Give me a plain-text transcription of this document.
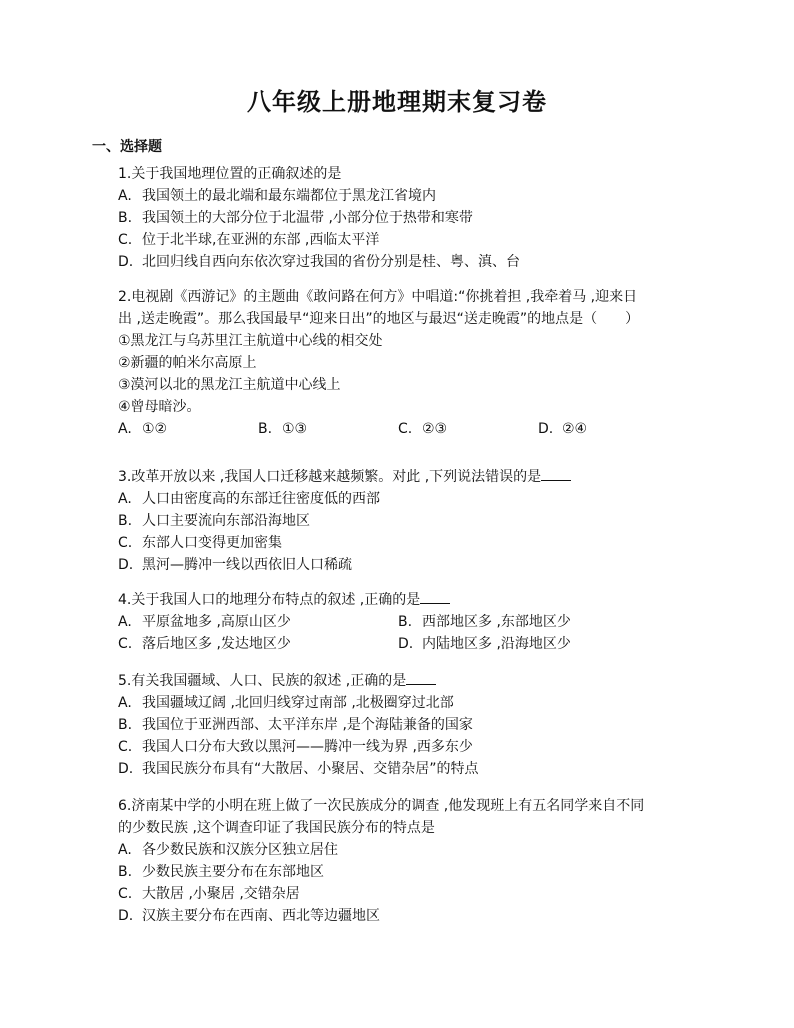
八年级上册地理期末复习卷
一、选择题
1.关于我国地理位置的正确叙述的是
A. 我国领土的最北端和最东端都位于黑龙江省境内
B. 我国领土的大部分位于北温带 ,小部分位于热带和寒带
C. 位于北半球,在亚洲的东部 ,西临太平洋
D. 北回归线自西向东依次穿过我国的省份分别是桂、粤、滇、台
2.电视剧《西游记》的主题曲《敢问路在何方》中唱道:“你挑着担 ,我牵着马 ,迎来日
出 ,送走晚霞”。那么我国最早“迎来日出”的地区与最迟“送走晚霞”的地点是（　　）
①黑龙江与乌苏里江主航道中心线的相交处
②新疆的帕米尔高原上
③漠河以北的黑龙江主航道中心线上
④曾母暗沙。
A. ①②	B. ①③	C. ②③	D. ②④
3.改革开放以来 ,我国人口迁移越来越频繁。对此 ,下列说法错误的是
A. 人口由密度高的东部迁往密度低的西部
B. 人口主要流向东部沿海地区
C. 东部人口变得更加密集
D. 黑河—腾冲一线以西依旧人口稀疏
4.关于我国人口的地理分布特点的叙述 ,正确的是
A. 平原盆地多 ,高原山区少	B. 西部地区多 ,东部地区少
C. 落后地区多 ,发达地区少	D. 内陆地区多 ,沿海地区少
5.有关我国疆域、人口、民族的叙述 ,正确的是
A. 我国疆域辽阔 ,北回归线穿过南部 ,北极圈穿过北部
B. 我国位于亚洲西部、太平洋东岸 ,是个海陆兼备的国家
C. 我国人口分布大致以黑河——腾冲一线为界 ,西多东少
D. 我国民族分布具有“大散居、小聚居、交错杂居”的特点
6.济南某中学的小明在班上做了一次民族成分的调查 ,他发现班上有五名同学来自不同
的少数民族 ,这个调查印证了我国民族分布的特点是
A. 各少数民族和汉族分区独立居住
B. 少数民族主要分布在东部地区
C. 大散居 ,小聚居 ,交错杂居
D. 汉族主要分布在西南、西北等边疆地区
